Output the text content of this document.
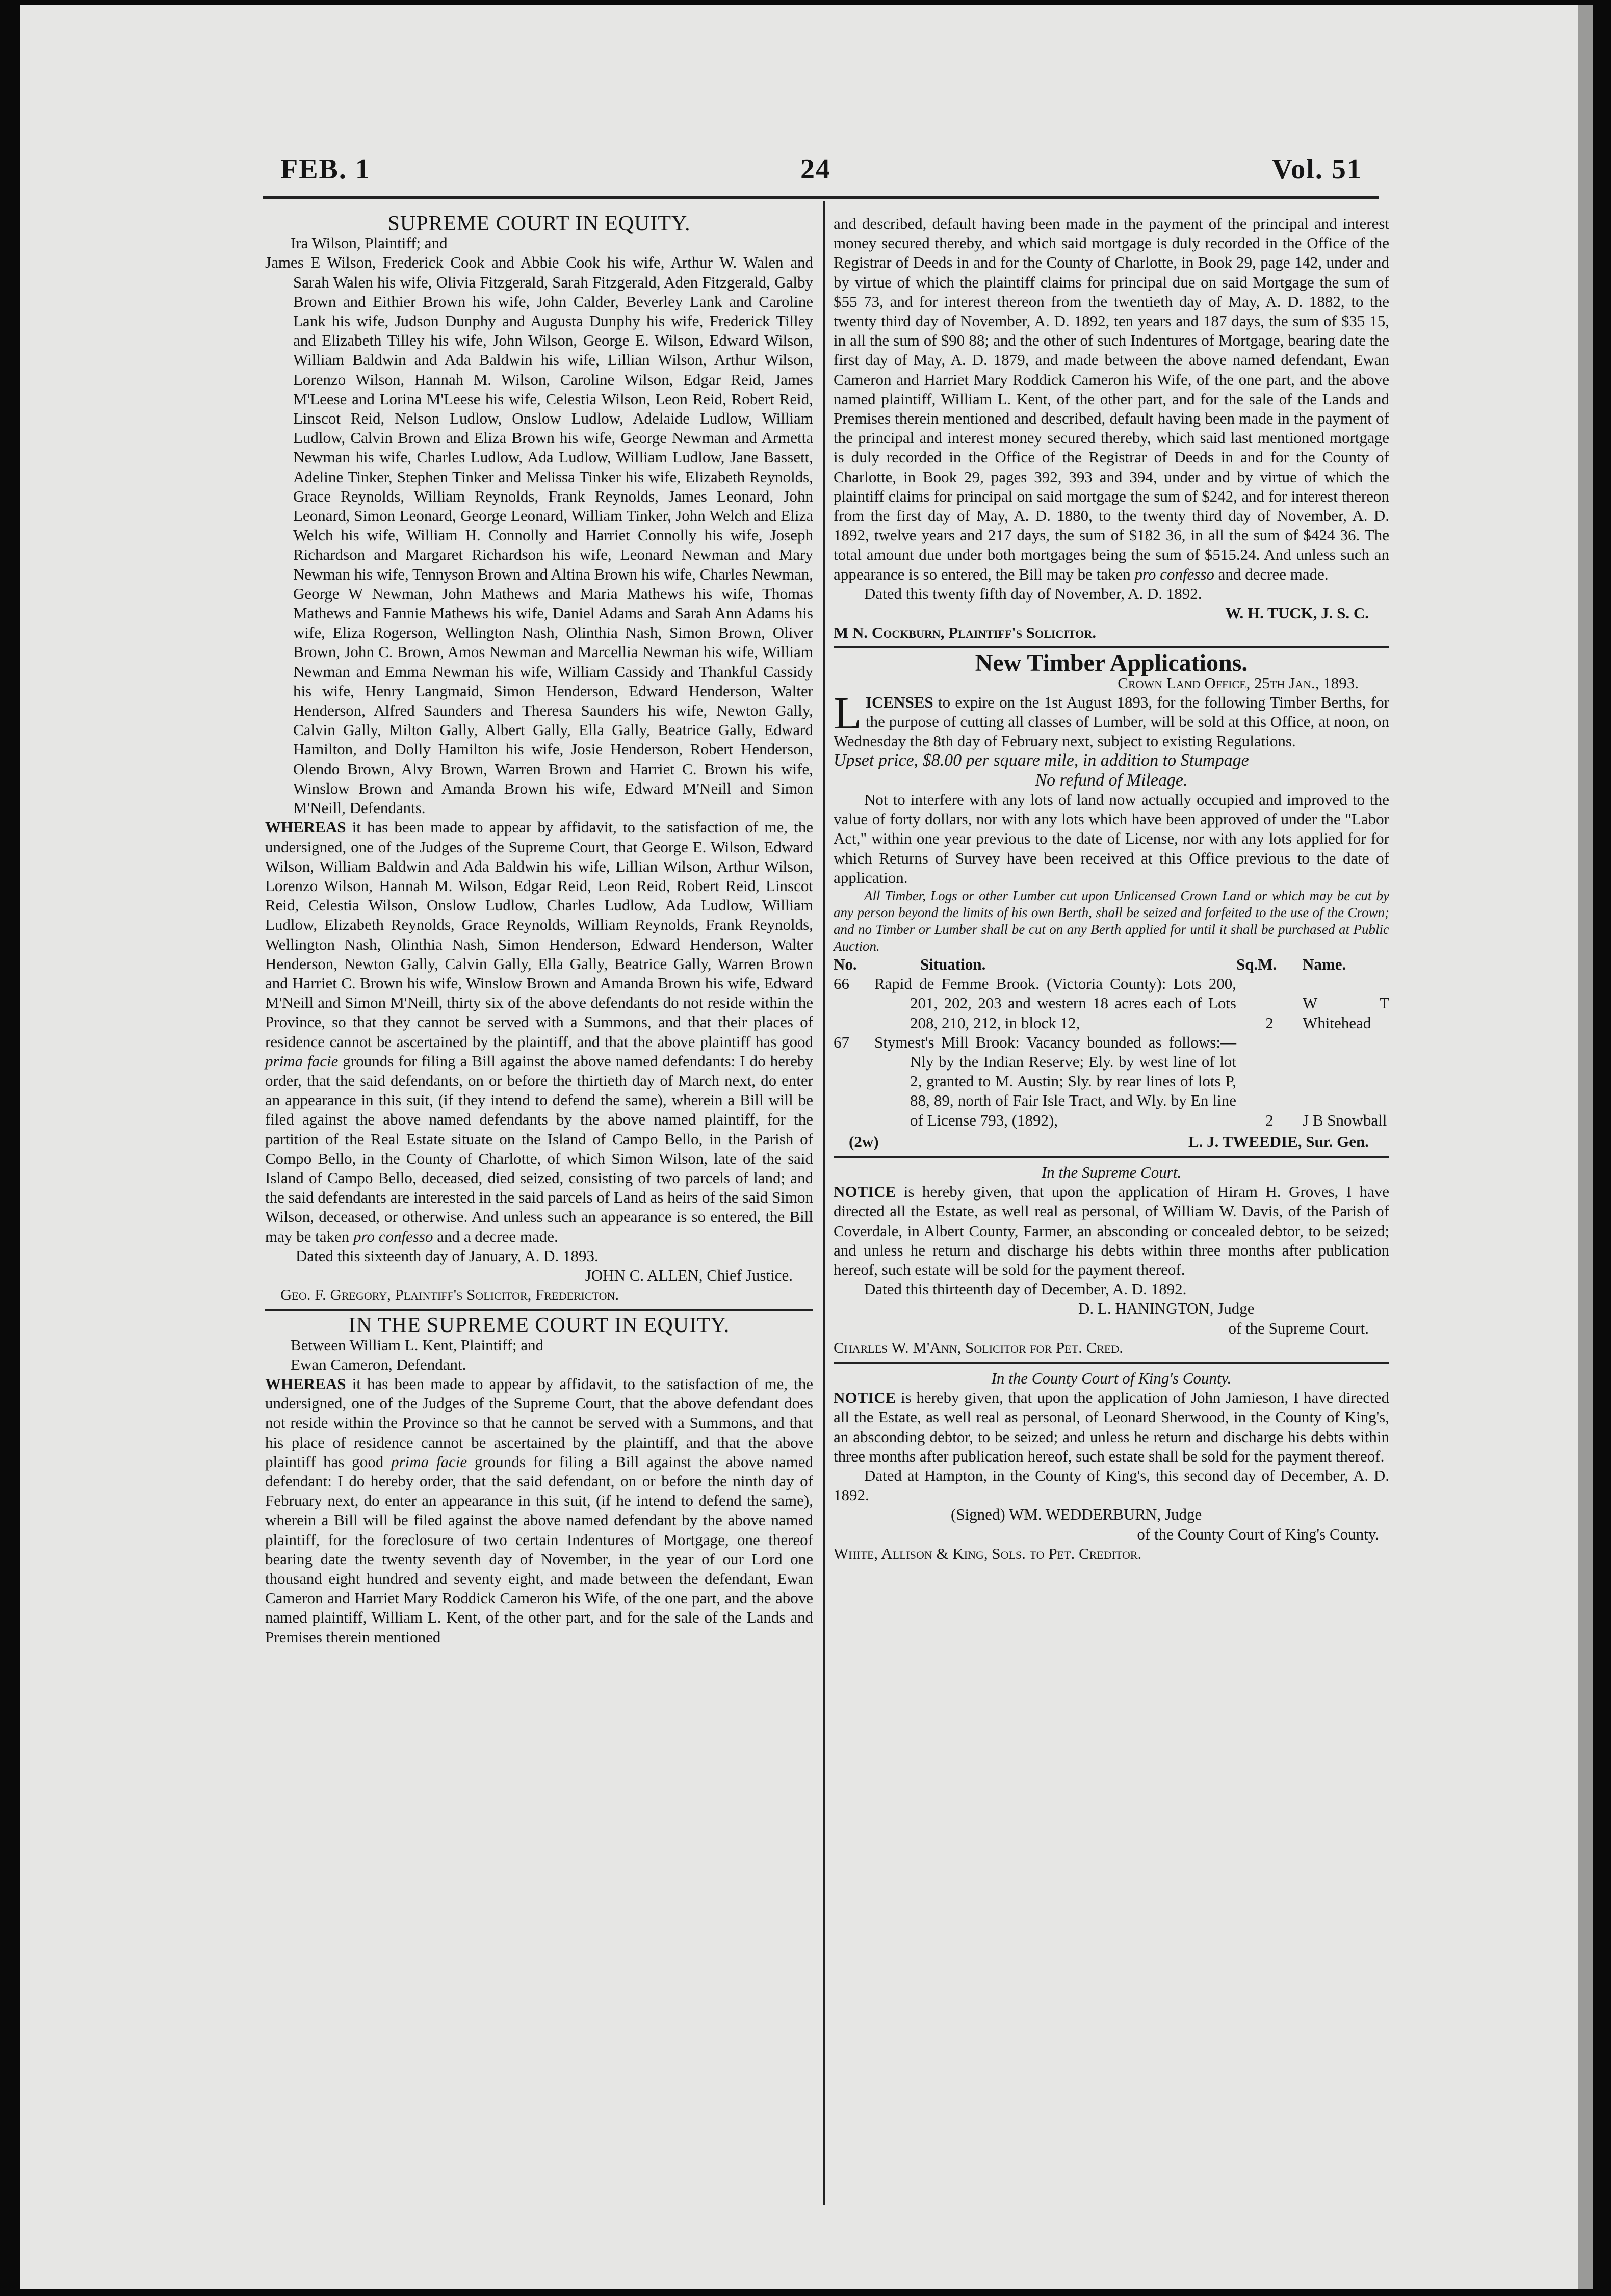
FEB. 1	24	Vol. 51

SUPREME COURT IN EQUITY.

Ira Wilson, Plaintiff; and

James E Wilson, Frederick Cook and Abbie Cook his wife, Arthur W. Walen and Sarah Walen his wife, Olivia Fitzgerald, Sarah Fitzgerald, Aden Fitzgerald, Galby Brown and Eithier Brown his wife, John Calder, Beverley Lank and Caroline Lank his wife, Judson Dunphy and Augusta Dunphy his wife, Frederick Tilley and Elizabeth Tilley his wife, John Wilson, George E. Wilson, Edward Wilson, William Baldwin and Ada Baldwin his wife, Lillian Wilson, Arthur Wilson, Lorenzo Wilson, Hannah M. Wilson, Caroline Wilson, Edgar Reid, James M'Leese and Lorina M'Leese his wife, Celestia Wilson, Leon Reid, Robert Reid, Linscot Reid, Nelson Ludlow, Onslow Ludlow, Adelaide Ludlow, William Ludlow, Calvin Brown and Eliza Brown his wife, George Newman and Armetta Newman his wife, Charles Ludlow, Ada Ludlow, William Ludlow, Jane Bassett, Adeline Tinker, Stephen Tinker and Melissa Tinker his wife, Elizabeth Reynolds, Grace Reynolds, William Reynolds, Frank Reynolds, James Leonard, John Leonard, Simon Leonard, George Leonard, William Tinker, John Welch and Eliza Welch his wife, William H. Connolly and Harriet Connolly his wife, Joseph Richardson and Margaret Richardson his wife, Leonard Newman and Mary Newman his wife, Tennyson Brown and Altina Brown his wife, Charles Newman, George W Newman, John Mathews and Maria Mathews his wife, Thomas Mathews and Fannie Mathews his wife, Daniel Adams and Sarah Ann Adams his wife, Eliza Rogerson, Wellington Nash, Olinthia Nash, Simon Brown, Oliver Brown, John C. Brown, Amos Newman and Marcellia Newman his wife, William Newman and Emma Newman his wife, William Cassidy and Thankful Cassidy his wife, Henry Langmaid, Simon Henderson, Edward Henderson, Walter Henderson, Alfred Saunders and Theresa Saunders his wife, Newton Gally, Calvin Gally, Milton Gally, Albert Gally, Ella Gally, Beatrice Gally, Edward Hamilton, and Dolly Hamilton his wife, Josie Henderson, Robert Henderson, Olendo Brown, Alvy Brown, Warren Brown and Harriet C. Brown his wife, Winslow Brown and Amanda Brown his wife, Edward M'Neill and Simon M'Neill, Defendants.

WHEREAS it has been made to appear by affidavit, to the satisfaction of me, the undersigned, one of the Judges of the Supreme Court, that George E. Wilson, Edward Wilson, William Baldwin and Ada Baldwin his wife, Lillian Wilson, Arthur Wilson, Lorenzo Wilson, Hannah M. Wilson, Edgar Reid, Leon Reid, Robert Reid, Linscot Reid, Celestia Wilson, Onslow Ludlow, Charles Ludlow, Ada Ludlow, William Ludlow, Elizabeth Reynolds, Grace Reynolds, William Reynolds, Frank Reynolds, Wellington Nash, Olinthia Nash, Simon Henderson, Edward Henderson, Walter Henderson, Newton Gally, Calvin Gally, Ella Gally, Beatrice Gally, Warren Brown and Harriet C. Brown his wife, Winslow Brown and Amanda Brown his wife, Edward M'Neill and Simon M'Neill, thirty six of the above defendants do not reside within the Province, so that they cannot be served with a Summons, and that their places of residence cannot be ascertained by the plaintiff, and that the above plaintiff has good prima facie grounds for filing a Bill against the above named defendants: I do hereby order, that the said defendants, on or before the thirtieth day of March next, do enter an appearance in this suit, (if they intend to defend the same), wherein a Bill will be filed against the above named defendants by the above named plaintiff, for the partition of the Real Estate situate on the Island of Campo Bello, in the Parish of Compo Bello, in the County of Charlotte, of which Simon Wilson, late of the said Island of Campo Bello, deceased, died seized, consisting of two parcels of land; and the said defendants are interested in the said parcels of Land as heirs of the said Simon Wilson, deceased, or otherwise. And unless such an appearance is so entered, the Bill may be taken pro confesso and a decree made.

Dated this sixteenth day of January, A. D. 1893.

JOHN C. ALLEN, Chief Justice.

Geo. F. Gregory, Plaintiff's Solicitor, Fredericton.

IN THE SUPREME COURT IN EQUITY.

Between William L. Kent, Plaintiff; and

Ewan Cameron, Defendant.

WHEREAS it has been made to appear by affidavit, to the satisfaction of me, the undersigned, one of the Judges of the Supreme Court, that the above defendant does not reside within the Province so that he cannot be served with a Summons, and that his place of residence cannot be ascertained by the plaintiff, and that the above plaintiff has good prima facie grounds for filing a Bill against the above named defendant: I do hereby order, that the said defendant, on or before the ninth day of February next, do enter an appearance in this suit, (if he intend to defend the same), wherein a Bill will be filed against the above named defendant by the above named plaintiff, for the foreclosure of two certain Indentures of Mortgage, one thereof bearing date the twenty seventh day of November, in the year of our Lord one thousand eight hundred and seventy eight, and made between the defendant, Ewan Cameron and Harriet Mary Roddick Cameron his Wife, of the one part, and the above named plaintiff, William L. Kent, of the other part, and for the sale of the Lands and Premises therein mentioned

and described, default having been made in the payment of the principal and interest money secured thereby, and which said mortgage is duly recorded in the Office of the Registrar of Deeds in and for the County of Charlotte, in Book 29, page 142, under and by virtue of which the plaintiff claims for principal due on said Mortgage the sum of $55 73, and for interest thereon from the twentieth day of May, A. D. 1882, to the twenty third day of November, A. D. 1892, ten years and 187 days, the sum of $35 15, in all the sum of $90 88; and the other of such Indentures of Mortgage, bearing date the first day of May, A. D. 1879, and made between the above named defendant, Ewan Cameron and Harriet Mary Roddick Cameron his Wife, of the one part, and the above named plaintiff, William L. Kent, of the other part, and for the sale of the Lands and Premises therein mentioned and described, default having been made in the payment of the principal and interest money secured thereby, which said last mentioned mortgage is duly recorded in the Office of the Registrar of Deeds in and for the County of Charlotte, in Book 29, pages 392, 393 and 394, under and by virtue of which the plaintiff claims for principal on said mortgage the sum of $242, and for interest thereon from the first day of May, A. D. 1880, to the twenty third day of November, A. D. 1892, twelve years and 217 days, the sum of $182 36, in all the sum of $424 36. The total amount due under both mortgages being the sum of $515.24. And unless such an appearance is so entered, the Bill may be taken pro confesso and decree made.

Dated this twenty fifth day of November, A. D. 1892.

W. H. TUCK, J. S. C.

M N. Cockburn, Plaintiff's Solicitor.

New Timber Applications.

Crown Land Office, 25th Jan., 1893.

LICENSES to expire on the 1st August 1893, for the following Timber Berths, for the purpose of cutting all classes of Lumber, will be sold at this Office, at noon, on Wednesday the 8th day of February next, subject to existing Regulations.

Upset price, $8.00 per square mile, in addition to Stumpage

No refund of Mileage.

Not to interfere with any lots of land now actually occupied and improved to the value of forty dollars, nor with any lots which have been approved of under the "Labor Act," within one year previous to the date of License, nor with any lots applied for for which Returns of Survey have been received at this Office previous to the date of application.

All Timber, Logs or other Lumber cut upon Unlicensed Crown Land or which may be cut by any person beyond the limits of his own Berth, shall be seized and forfeited to the use of the Crown; and no Timber or Lumber shall be cut on any Berth applied for until it shall be purchased at Public Auction.

No.	Situation.	Sq.M.	Name.
66	Rapid de Femme Brook. (Victoria County): Lots 200, 201, 202, 203 and western 18 acres each of Lots 208, 210, 212, in block 12,	2	W T Whitehead
67	Stymest's Mill Brook: Vacancy bounded as follows:—Nly by the Indian Reserve; Ely. by west line of lot 2, granted to M. Austin; Sly. by rear lines of lots P, 88, 89, north of Fair Isle Tract, and Wly. by En line of License 793, (1892),	2	J B Snowball
(2w)	L. J. TWEEDIE, Sur. Gen.

In the Supreme Court.

NOTICE is hereby given, that upon the application of Hiram H. Groves, I have directed all the Estate, as well real as personal, of William W. Davis, of the Parish of Coverdale, in Albert County, Farmer, an absconding or concealed debtor, to be seized; and unless he return and discharge his debts within three months after publication hereof, such estate will be sold for the payment thereof.

Dated this thirteenth day of December, A. D. 1892.

D. L. HANINGTON, Judge

of the Supreme Court.

Charles W. M'Ann, Solicitor for Pet. Cred.

In the County Court of King's County.

NOTICE is hereby given, that upon the application of John Jamieson, I have directed all the Estate, as well real as personal, of Leonard Sherwood, in the County of King's, an absconding debtor, to be seized; and unless he return and discharge his debts within three months after publication hereof, such estate shall be sold for the payment thereof.

Dated at Hampton, in the County of King's, this second day of December, A. D. 1892.

(Signed) WM. WEDDERBURN, Judge

of the County Court of King's County.

White, Allison & King, Sols. to Pet. Creditor.
